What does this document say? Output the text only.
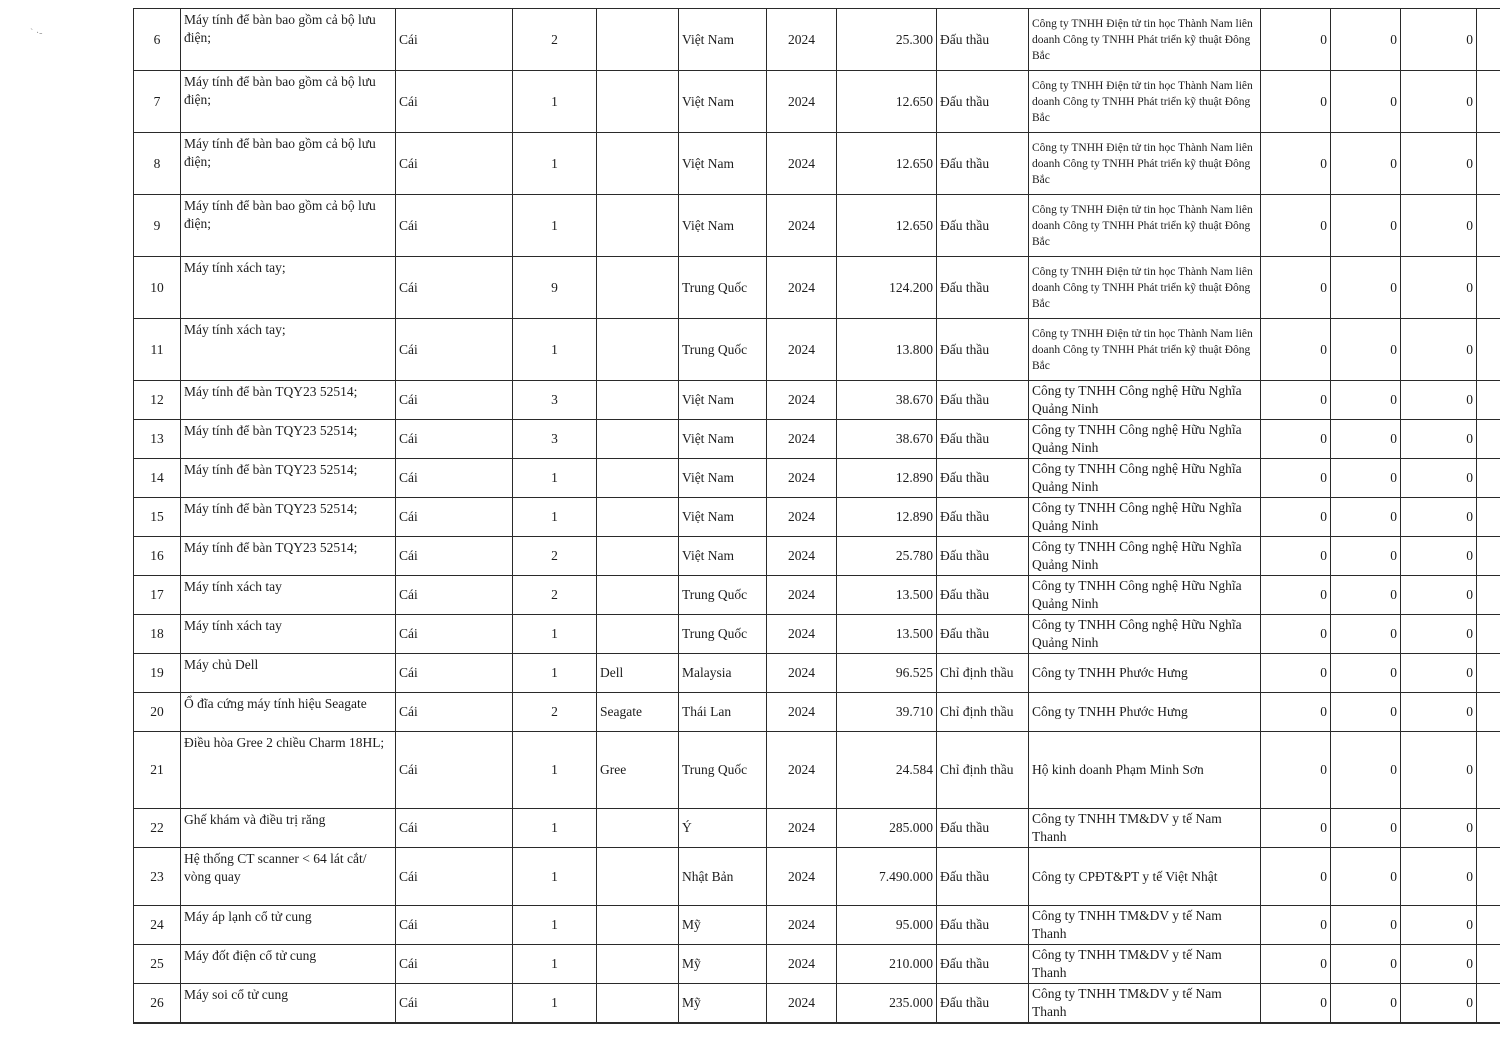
` ·-	6	Máy tính để bàn bao gồm cả bộ lưu điện;	Cái	2		Việt Nam	2024	25.300	Đấu thầu	Công ty TNHH Điện tử tin học Thành Nam liên doanh Công ty TNHH Phát triển kỹ thuật Đông Bắc	0	0	0	
7	Máy tính để bàn bao gồm cả bộ lưu điện;	Cái	1		Việt Nam	2024	12.650	Đấu thầu	Công ty TNHH Điện tử tin học Thành Nam liên doanh Công ty TNHH Phát triển kỹ thuật Đông Bắc	0	0	0	
8	Máy tính để bàn bao gồm cả bộ lưu điện;	Cái	1		Việt Nam	2024	12.650	Đấu thầu	Công ty TNHH Điện tử tin học Thành Nam liên doanh Công ty TNHH Phát triển kỹ thuật Đông Bắc	0	0	0	
9	Máy tính để bàn bao gồm cả bộ lưu điện;	Cái	1		Việt Nam	2024	12.650	Đấu thầu	Công ty TNHH Điện tử tin học Thành Nam liên doanh Công ty TNHH Phát triển kỹ thuật Đông Bắc	0	0	0	
10	Máy tính xách tay;	Cái	9		Trung Quốc	2024	124.200	Đấu thầu	Công ty TNHH Điện tử tin học Thành Nam liên doanh Công ty TNHH Phát triển kỹ thuật Đông Bắc	0	0	0	
11	Máy tính xách tay;	Cái	1		Trung Quốc	2024	13.800	Đấu thầu	Công ty TNHH Điện tử tin học Thành Nam liên doanh Công ty TNHH Phát triển kỹ thuật Đông Bắc	0	0	0	
12	Máy tính để bàn TQY23 52514;	Cái	3		Việt Nam	2024	38.670	Đấu thầu	Công ty TNHH Công nghệ Hữu Nghĩa Quảng Ninh	0	0	0	
13	Máy tính để bàn TQY23 52514;	Cái	3		Việt Nam	2024	38.670	Đấu thầu	Công ty TNHH Công nghệ Hữu Nghĩa Quảng Ninh	0	0	0	
14	Máy tính để bàn TQY23 52514;	Cái	1		Việt Nam	2024	12.890	Đấu thầu	Công ty TNHH Công nghệ Hữu Nghĩa Quảng Ninh	0	0	0	
15	Máy tính để bàn TQY23 52514;	Cái	1		Việt Nam	2024	12.890	Đấu thầu	Công ty TNHH Công nghệ Hữu Nghĩa Quảng Ninh	0	0	0	
16	Máy tính để bàn TQY23 52514;	Cái	2		Việt Nam	2024	25.780	Đấu thầu	Công ty TNHH Công nghệ Hữu Nghĩa Quảng Ninh	0	0	0	
17	Máy tính xách tay	Cái	2		Trung Quốc	2024	13.500	Đấu thầu	Công ty TNHH Công nghệ Hữu Nghĩa Quảng Ninh	0	0	0	
18	Máy tính xách tay	Cái	1		Trung Quốc	2024	13.500	Đấu thầu	Công ty TNHH Công nghệ Hữu Nghĩa Quảng Ninh	0	0	0	
19	Máy chủ Dell	Cái	1	Dell	Malaysia	2024	96.525	Chỉ định thầu	Công ty TNHH Phước Hưng	0	0	0	
20	Ổ đĩa cứng máy tính hiệu Seagate	Cái	2	Seagate	Thái Lan	2024	39.710	Chỉ định thầu	Công ty TNHH Phước Hưng	0	0	0	
21	Điều hòa Gree 2 chiều Charm 18HL;	Cái	1	Gree	Trung Quốc	2024	24.584	Chỉ định thầu	Hộ kinh doanh Phạm Minh Sơn	0	0	0	
22	Ghế khám và điều trị răng	Cái	1		Ý	2024	285.000	Đấu thầu	Công ty TNHH TM&DV y tế Nam Thanh	0	0	0	
23	Hệ thống CT scanner < 64 lát cắt/ vòng quay	Cái	1		Nhật Bản	2024	7.490.000	Đấu thầu	Công ty CPĐT&PT y tế Việt Nhật	0	0	0	
24	Máy áp lạnh cổ tử cung	Cái	1		Mỹ	2024	95.000	Đấu thầu	Công ty TNHH TM&DV y tế Nam Thanh	0	0	0	
25	Máy đốt điện cổ tử cung	Cái	1		Mỹ	2024	210.000	Đấu thầu	Công ty TNHH TM&DV y tế Nam Thanh	0	0	0	
26	Máy soi cổ tử cung	Cái	1		Mỹ	2024	235.000	Đấu thầu	Công ty TNHH TM&DV y tế Nam Thanh	0	0	0	
